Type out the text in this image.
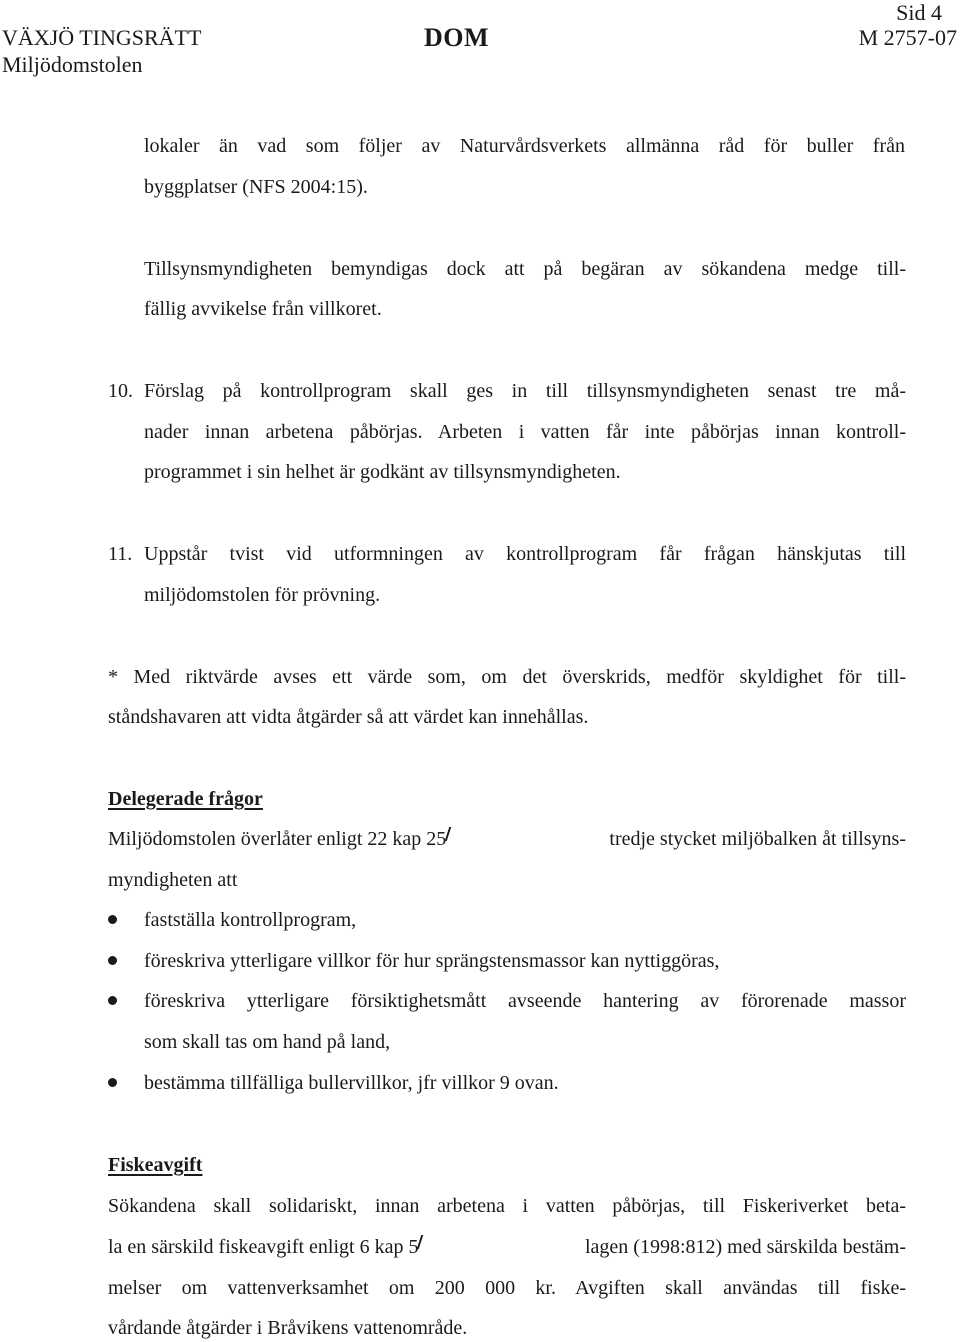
Sid 4
VÄXJÖ TINGSRÄTT	DOM	M 2757-07
Miljödomstolen
lokaler än vad som följer av Naturvårdsverkets allmänna råd för buller från
byggplatser (NFS 2004:15).
Tillsynsmyndigheten bemyndigas dock att på begäran av sökandena medge till-
fällig avvikelse från villkoret.
10. Förslag på kontrollprogram skall ges in till tillsynsmyndigheten senast tre må-
nader innan arbetena påbörjas. Arbeten i vatten får inte påbörjas innan kontroll-
programmet i sin helhet är godkänt av tillsynsmyndigheten.
11. Uppstår tvist vid utformningen av kontrollprogram får frågan hänskjutas till
miljödomstolen för prövning.
* Med riktvärde avses ett värde som, om det överskrids, medför skyldighet för till-
ståndshavaren att vidta åtgärder så att värdet kan innehållas.
Delegerade frågor
Miljödomstolen överlåter enligt 22 kap 25	tredje stycket miljöbalken åt tillsyns-
myndigheten att
fastställa kontrollprogram,
föreskriva ytterligare villkor för hur sprängstensmassor kan nyttiggöras,
föreskriva ytterligare försiktighetsmått avseende hantering av förorenade massor
som skall tas om hand på land,
bestämma tillfälliga bullervillkor, jfr villkor 9 ovan.
Fiskeavgift
Sökandena skall solidariskt, innan arbetena i vatten påbörjas, till Fiskeriverket beta-
la en särskild fiskeavgift enligt 6 kap 5	lagen (1998:812) med särskilda bestäm-
melser om vattenverksamhet om 200 000 kr. Avgiften skall användas till fiske-
vårdande åtgärder i Bråvikens vattenområde.
